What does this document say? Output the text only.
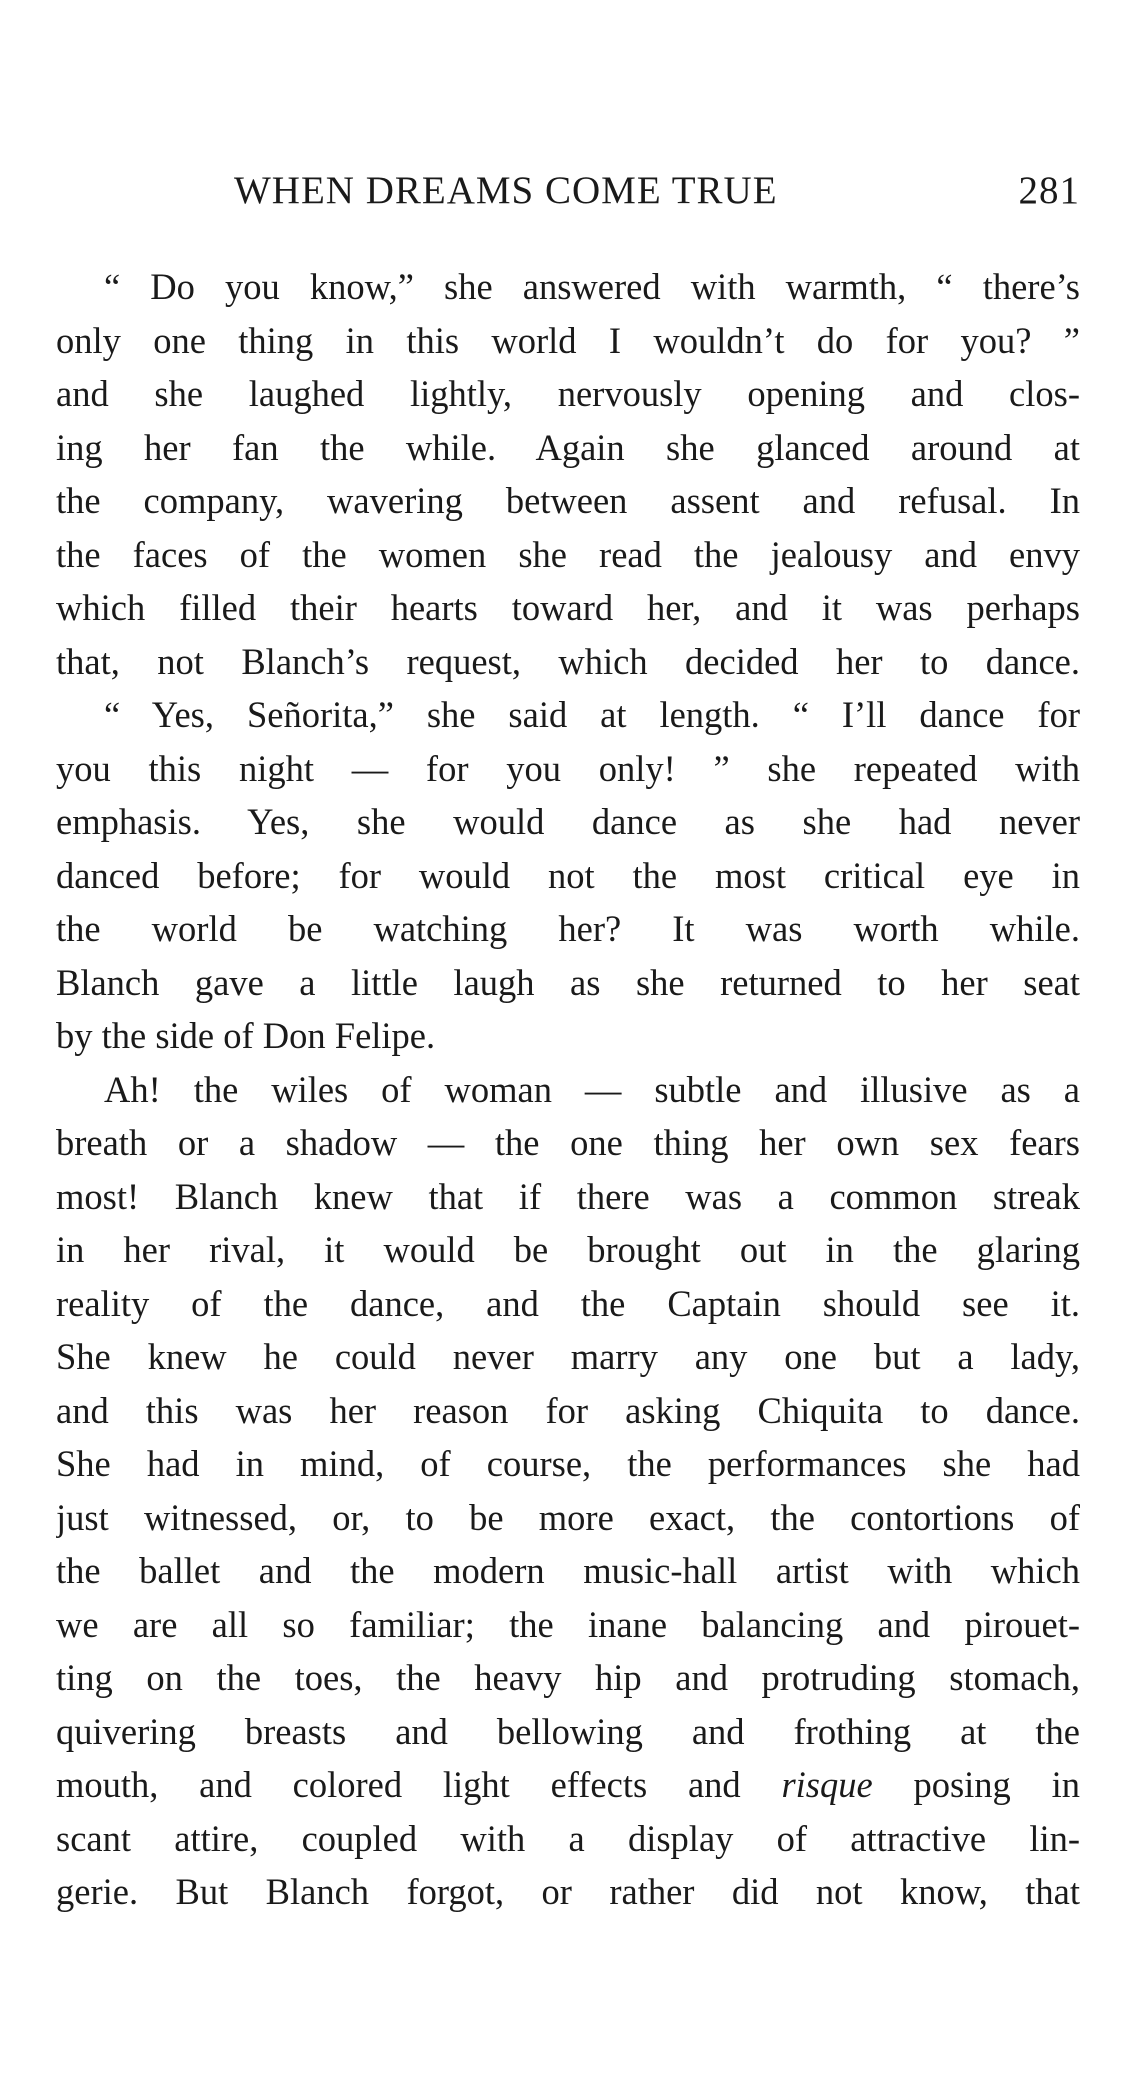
WHEN DREAMS COME TRUE	281
“ Do you know,” she answered with warmth, “ there’s
only one thing in this world I wouldn’t do for you? ”
and she laughed lightly, nervously opening and clos-
ing her fan the while. Again she glanced around at
the company, wavering between assent and refusal. In
the faces of the women she read the jealousy and envy
which filled their hearts toward her, and it was perhaps
that, not Blanch’s request, which decided her to dance.
“ Yes, Señorita,” she said at length. “ I’ll dance for
you this night — for you only! ” she repeated with
emphasis. Yes, she would dance as she had never
danced before; for would not the most critical eye in
the world be watching her? It was worth while.
Blanch gave a little laugh as she returned to her seat
by the side of Don Felipe.
Ah! the wiles of woman — subtle and illusive as a
breath or a shadow — the one thing her own sex fears
most! Blanch knew that if there was a common streak
in her rival, it would be brought out in the glaring
reality of the dance, and the Captain should see it.
She knew he could never marry any one but a lady,
and this was her reason for asking Chiquita to dance.
She had in mind, of course, the performances she had
just witnessed, or, to be more exact, the contortions of
the ballet and the modern music-hall artist with which
we are all so familiar; the inane balancing and pirouet-
ting on the toes, the heavy hip and protruding stomach,
quivering breasts and bellowing and frothing at the
mouth, and colored light effects and risque posing in
scant attire, coupled with a display of attractive lin-
gerie. But Blanch forgot, or rather did not know, that
